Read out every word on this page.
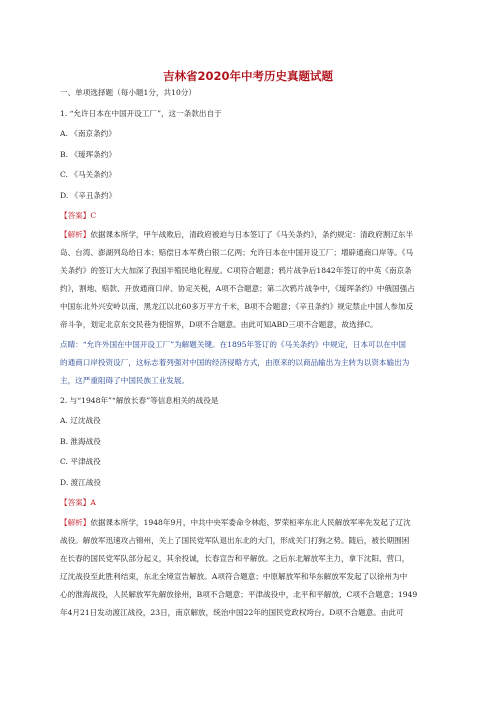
吉林省2020年中考历史真题试题
一、单项选择题（每小题1分，共10分）
1. “允许日本在中国开设工厂”，这一条款出自于
A. 《南京条约》
B. 《瑷珲条约》
C. 《马关条约》
D. 《辛丑条约》
【答案】C
【解析】依据课本所学，甲午战败后，清政府被迫与日本签订了《马关条约》，条约规定：清政府割辽东半
岛、台湾、澎湖列岛给日本；赔偿日本军费白银二亿两；允许日本在中国开设工厂；增辟通商口岸等。《马
关条约》的签订大大加深了我国半殖民地化程度。C项符合题意；鸦片战争后1842年签订的中英《南京条
约》，割地、赔款、开放通商口岸、协定关税，A项不合题意；第二次鸦片战争中，《瑷珲条约》中俄国强占
中国东北外兴安岭以南、黑龙江以北60多万平方千米，B项不合题意；《辛丑条约》规定禁止中国人参加反
帝斗争，划定北京东交民巷为使馆界，D项不合题意。由此可知ABD三项不合题意，故选择C。
点睛：“允许外国在中国开设工厂”为解题关键。在1895年签订的《马关条约》中规定，日本可以在中国
的通商口岸投资设厂，这标志着列强对中国的经济侵略方式，由原来的以商品输出为主转为以资本输出为
主，这严重阻碍了中国民族工业发展。
2. 与“1948年”“解放长春”等信息相关的战役是
A. 辽沈战役
B. 淮海战役
C. 平津战役
D. 渡江战役
【答案】A
【解析】依据课本所学，1948年9月，中共中央军委命令林彪、罗荣桓率东北人民解放军率先发起了辽沈
战役。解放军迅速攻占锦州，关上了国民党军队退出东北的大门，形成关门打狗之势。随后，被长期围困
在长春的国民党军队部分起义，其余投诚，长春宣告和平解放。之后东北解放军主力，拿下沈阳、营口，
辽沈战役至此胜利结束，东北全境宣告解放。A项符合题意；中原解放军和华东解放军发起了以徐州为中
心的淮海战役，人民解放军先解放徐州，B项不合题意；平津战役中，北平和平解放，C项不合题意；1949
年4月21日发动渡江战役，23日，南京解放，统治中国22年的国民党政权垮台。D项不合题意。由此可
